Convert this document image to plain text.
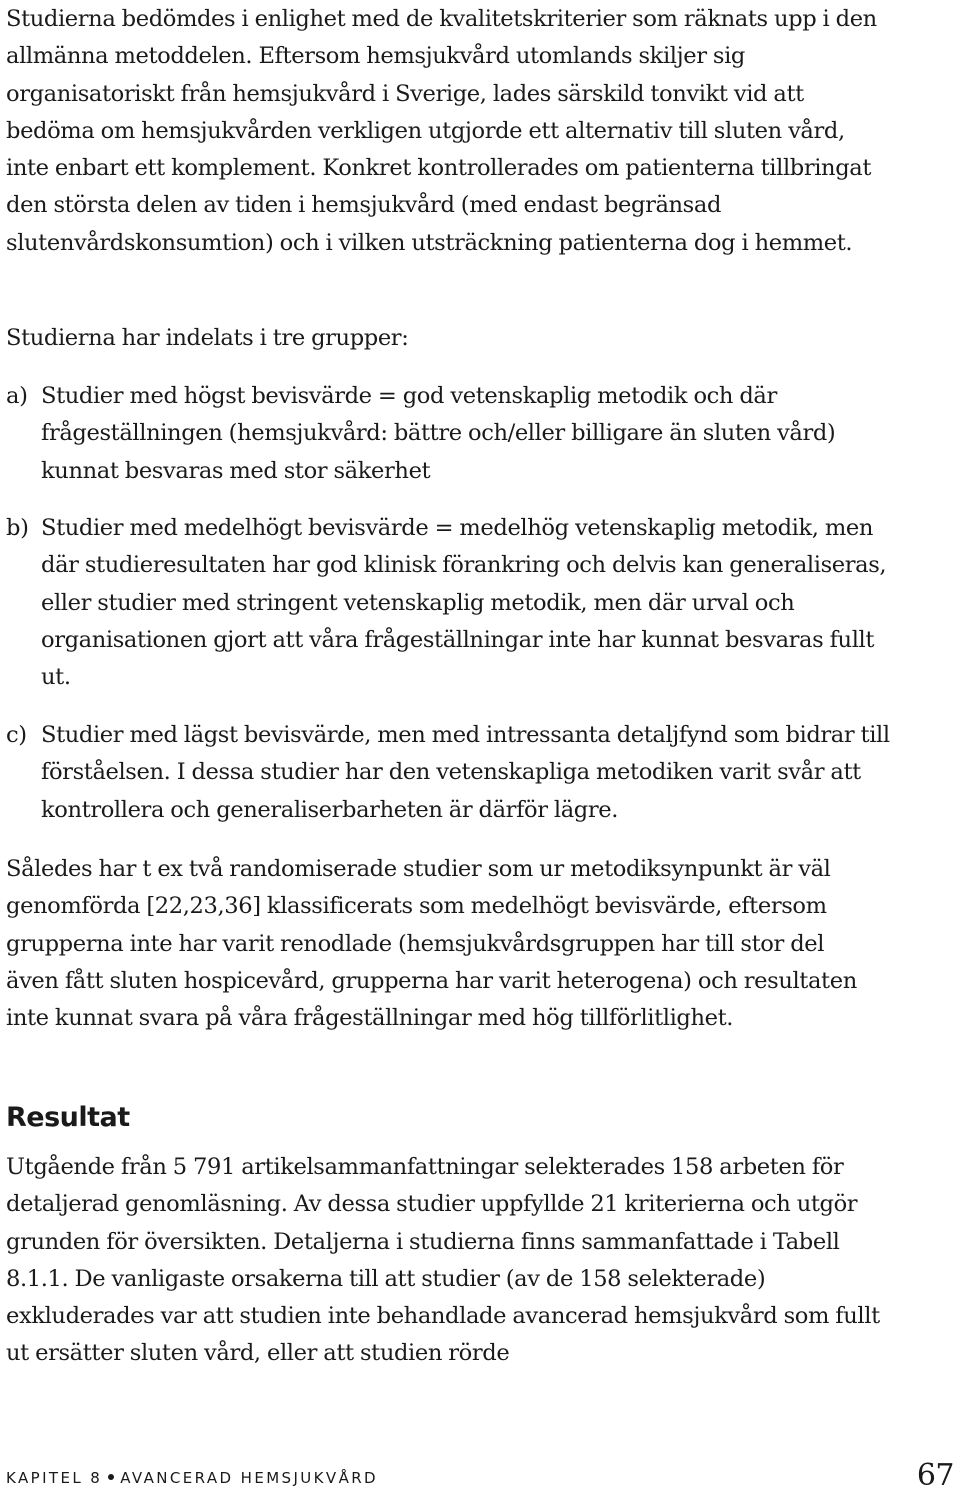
Studierna bedömdes i enlighet med de kvalitetskriterier som räknats upp i den allmänna metoddelen. Eftersom hemsjukvård utomlands skiljer sig organisatoriskt från hemsjukvård i Sverige, lades särskild tonvikt vid att bedöma om hemsjukvården verkligen utgjorde ett alternativ till sluten vård, inte enbart ett komplement. Konkret kontrollerades om patienterna tillbringat den största delen av tiden i hemsjukvård (med endast begränsad slutenvårdskonsumtion) och i vilken utsträckning patienterna dog i hemmet.

Studierna har indelats i tre grupper:

a) Studier med högst bevisvärde = god vetenskaplig metodik och där frågeställningen (hemsjukvård: bättre och/eller billigare än sluten vård) kunnat besvaras med stor säkerhet
b) Studier med medelhögt bevisvärde = medelhög vetenskaplig metodik, men där studieresultaten har god klinisk förankring och delvis kan generaliseras, eller studier med stringent vetenskaplig metodik, men där urval och organisationen gjort att våra frågeställningar inte har kunnat besvaras fullt ut.
c) Studier med lägst bevisvärde, men med intressanta detaljfynd som bidrar till förståelsen. I dessa studier har den vetenskapliga metodiken varit svår att kontrollera och generaliserbarheten är därför lägre.

Således har t ex två randomiserade studier som ur metodiksynpunkt är väl genomförda [22,23,36] klassificerats som medelhögt bevisvärde, eftersom grupperna inte har varit renodlade (hemsjukvårdsgruppen har till stor del även fått sluten hospicevård, grupperna har varit heterogena) och resultaten inte kunnat svara på våra frågeställningar med hög tillförlitlighet.

Resultat

Utgående från 5 791 artikelsammanfattningar selekterades 158 arbeten för detaljerad genomläsning. Av dessa studier uppfyllde 21 kriterierna och utgör grunden för översikten. Detaljerna i studierna finns sammanfattade i Tabell 8.1.1. De vanligaste orsakerna till att studier (av de 158 selekterade) exkluderades var att studien inte behandlade avancerad hemsjukvård som fullt ut ersätter sluten vård, eller att studien rörde

KAPITEL 8 AVANCERAD HEMSJUKVÅRD	67
